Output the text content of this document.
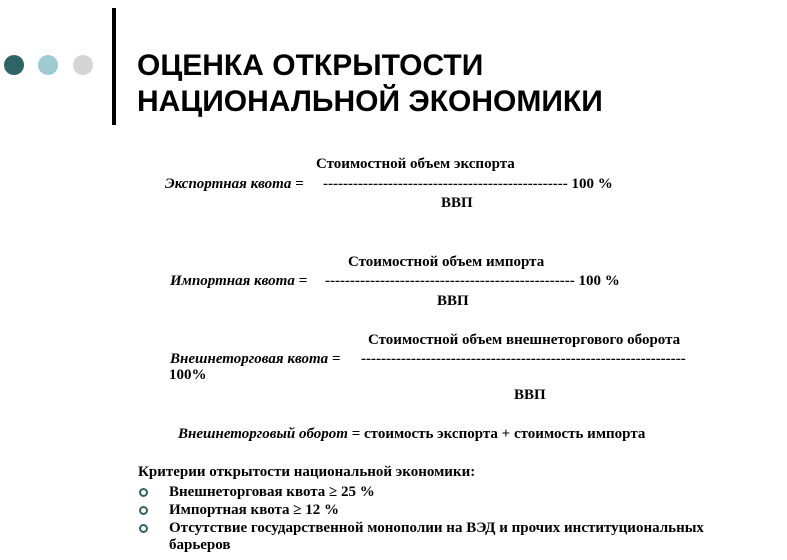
ОЦЕНКА ОТКРЫТОСТИ
НАЦИОНАЛЬНОЙ ЭКОНОМИКИ
Стоимостной объем экспорта
Экспортная квота = ------------------------------------------------- 100 %
ВВП
Стоимостной объем импорта
Импортная квота = -------------------------------------------------- 100 %
ВВП
Стоимостной объем внешнеторгового оборота
Внешнеторговая квота = -----------------------------------------------------------------
100%
ВВП
Внешнеторговый оборот = стоимость экспорта + стоимость импорта
Критерии открытости национальной экономики:
Внешнеторговая квота ≥ 25 %
Импортная квота ≥ 12 %
Отсутствие государственной монополии на ВЭД и прочих институциональных барьеров
